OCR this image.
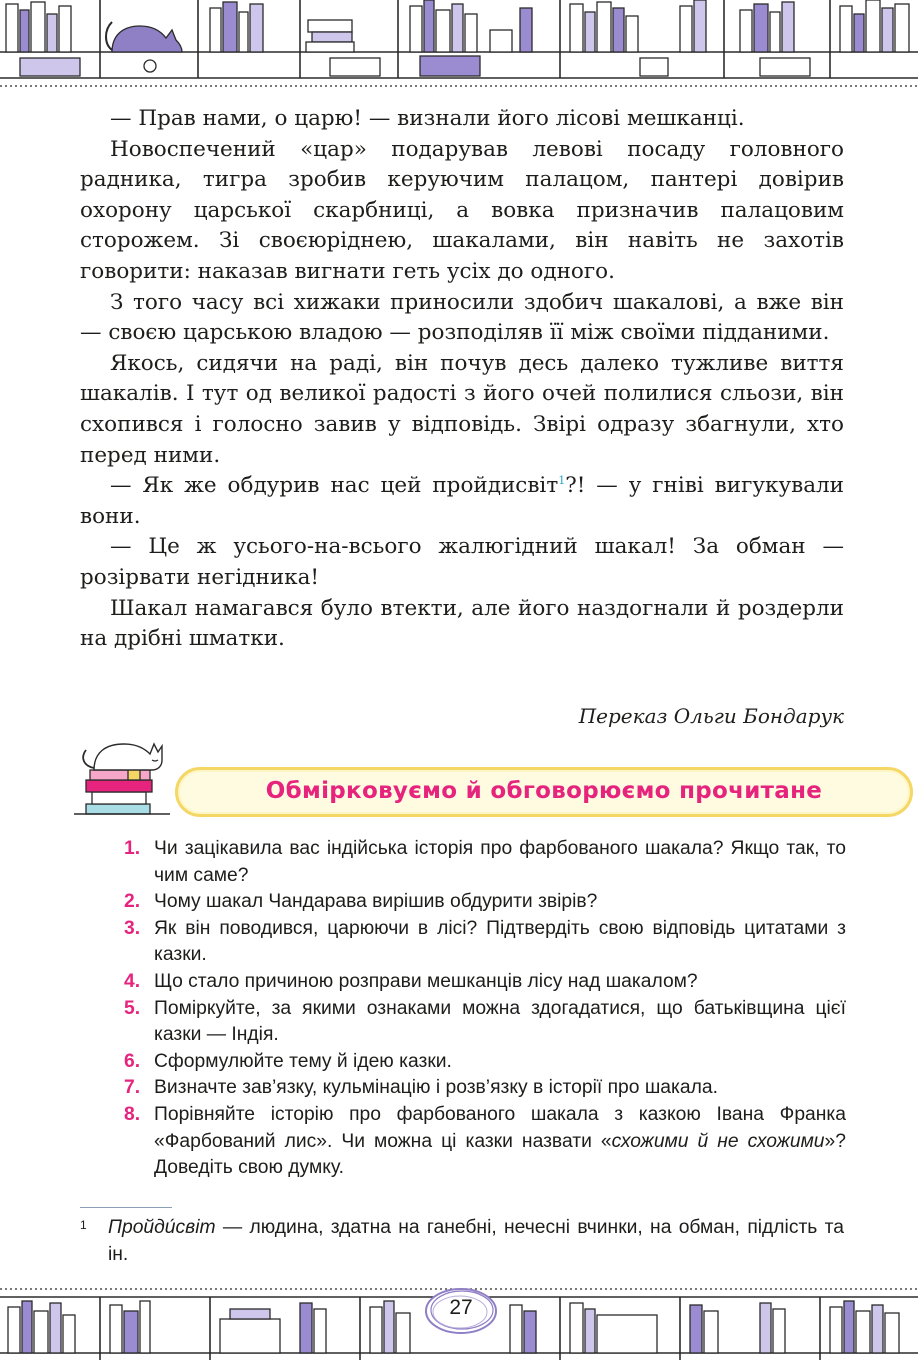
— Прав нами, о царю! — визнали його лісові мешканці.

Новоспечений «цар» подарував левові посаду головного радника, тигра зробив керуючим палацом, пантері довірив охорону царської скарбниці, а вовка призначив палацовим сторожем. Зі своєюріднею, шакалами, він навіть не захотів говорити: наказав вигнати геть усіх до одного.

З того часу всі хижаки приносили здобич шакалові, а вже він — своєю царською владою — розподіляв її між своїми підданими.

Якось, сидячи на раді, він почув десь далеко тужливе виття шакалів. І тут од великої радості з його очей полилися сльози, він схопився і голосно завив у відповідь. Звірі одразу збагнули, хто перед ними.

— Як же обдурив нас цей пройдисвіт$^1$?! — у гніві вигукували вони.

— Це ж усього-на-всього жалюгідний шакал! За обман — розірвати негідника!

Шакал намагався було втекти, але його наздогнали й роздерли на дрібні шматки.

Переказ Ольги Бондарук
Обмірковуємо й обговорюємо прочитане
1. Чи зацікавила вас індійська історія про фарбованого шакала? Якщо так, то чим саме?
2. Чому шакал Чандарава вирішив обдурити звірів?
3. Як він поводився, царюючи в лісі? Підтвердіть свою відповідь цитатами з казки.
4. Що стало причиною розправи мешканців лісу над шакалом?
5. Поміркуйте, за якими ознаками можна здогадатися, що батьківщина цієї казки — Індія.
6. Сформулюйте тему й ідею казки.
7. Визначте зав’язку, кульмінацію і розв’язку в історії про шакала.
8. Порівняйте історію про фарбованого шакала з казкою Івана Франка «Фарбований лис». Чи можна ці казки назвати «схожими й не схожими»? Доведіть свою думку.
1	Пройди́світ — людина, здатна на ганебні, нечесні вчинки, на обман, підлість та ін.
27
